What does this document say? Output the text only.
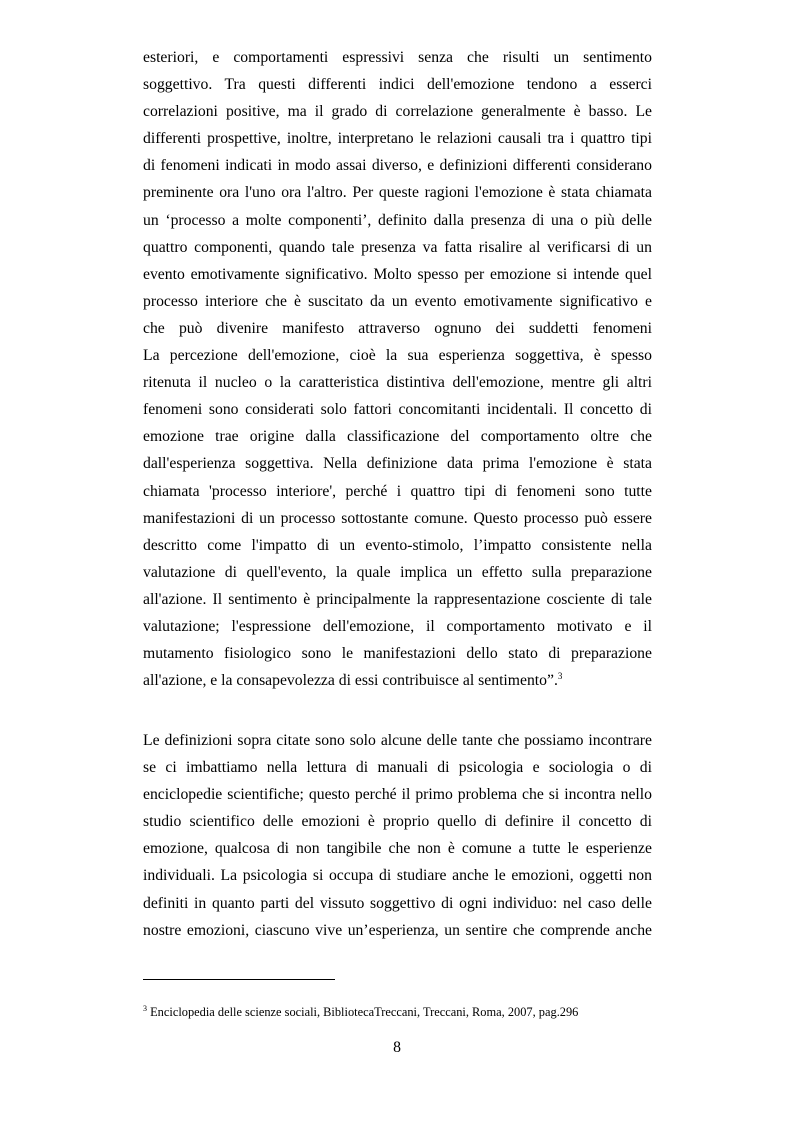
esteriori, e comportamenti espressivi senza che risulti un sentimento
soggettivo. Tra questi differenti indici dell'emozione tendono a esserci
correlazioni positive, ma il grado di correlazione generalmente è basso. Le
differenti prospettive, inoltre, interpretano le relazioni causali tra i quattro tipi
di fenomeni indicati in modo assai diverso, e definizioni differenti considerano
preminente ora l'uno ora l'altro. Per queste ragioni l'emozione è stata chiamata
un ‘processo a molte componenti’, definito dalla presenza di una o più delle
quattro componenti, quando tale presenza va fatta risalire al verificarsi di un
evento emotivamente significativo. Molto spesso per emozione si intende quel
processo interiore che è suscitato da un evento emotivamente significativo e
che può divenire manifesto attraverso ognuno dei suddetti fenomeni
La percezione dell'emozione, cioè la sua esperienza soggettiva, è spesso
ritenuta il nucleo o la caratteristica distintiva dell'emozione, mentre gli altri
fenomeni sono considerati solo fattori concomitanti incidentali. Il concetto di
emozione trae origine dalla classificazione del comportamento oltre che
dall'esperienza soggettiva. Nella definizione data prima l'emozione è stata
chiamata 'processo interiore', perché i quattro tipi di fenomeni sono tutte
manifestazioni di un processo sottostante comune. Questo processo può essere
descritto come l'impatto di un evento-stimolo, l’impatto consistente nella
valutazione di quell'evento, la quale implica un effetto sulla preparazione
all'azione. Il sentimento è principalmente la rappresentazione cosciente di tale
valutazione; l'espressione dell'emozione, il comportamento motivato e il
mutamento fisiologico sono le manifestazioni dello stato di preparazione
all'azione, e la consapevolezza di essi contribuisce al sentimento”.$^3$
Le definizioni sopra citate sono solo alcune delle tante che possiamo incontrare
se ci imbattiamo nella lettura di manuali di psicologia e sociologia o di
enciclopedie scientifiche; questo perché il primo problema che si incontra nello
studio scientifico delle emozioni è proprio quello di definire il concetto di
emozione, qualcosa di non tangibile che non è comune a tutte le esperienze
individuali. La psicologia si occupa di studiare anche le emozioni, oggetti non
definiti in quanto parti del vissuto soggettivo di ogni individuo: nel caso delle
nostre emozioni, ciascuno vive un’esperienza, un sentire che comprende anche
$^3$ Enciclopedia delle scienze sociali, BibliotecaTreccani, Treccani, Roma, 2007, pag.296
8
